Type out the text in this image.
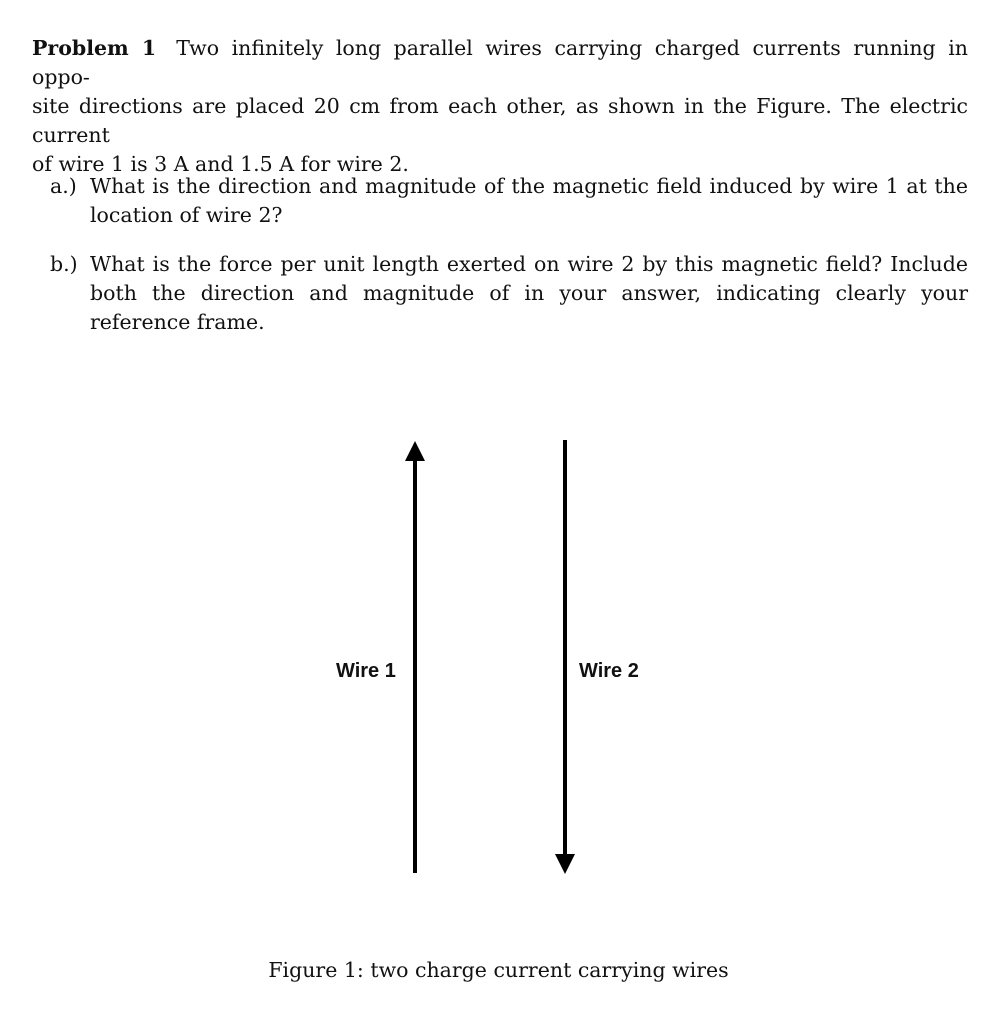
Problem 1 Two infinitely long parallel wires carrying charged currents running in oppo-
site directions are placed 20 cm from each other, as shown in the Figure. The electric current
of wire 1 is 3 A and 1.5 A for wire 2.
a.) What is the direction and magnitude of the magnetic field induced by wire 1 at the location of wire 2?
b.) What is the force per unit length exerted on wire 2 by this magnetic field? Include both the direction and magnitude of in your answer, indicating clearly your reference frame.
Wire 1	Wire 2
Figure 1: two charge current carrying wires
